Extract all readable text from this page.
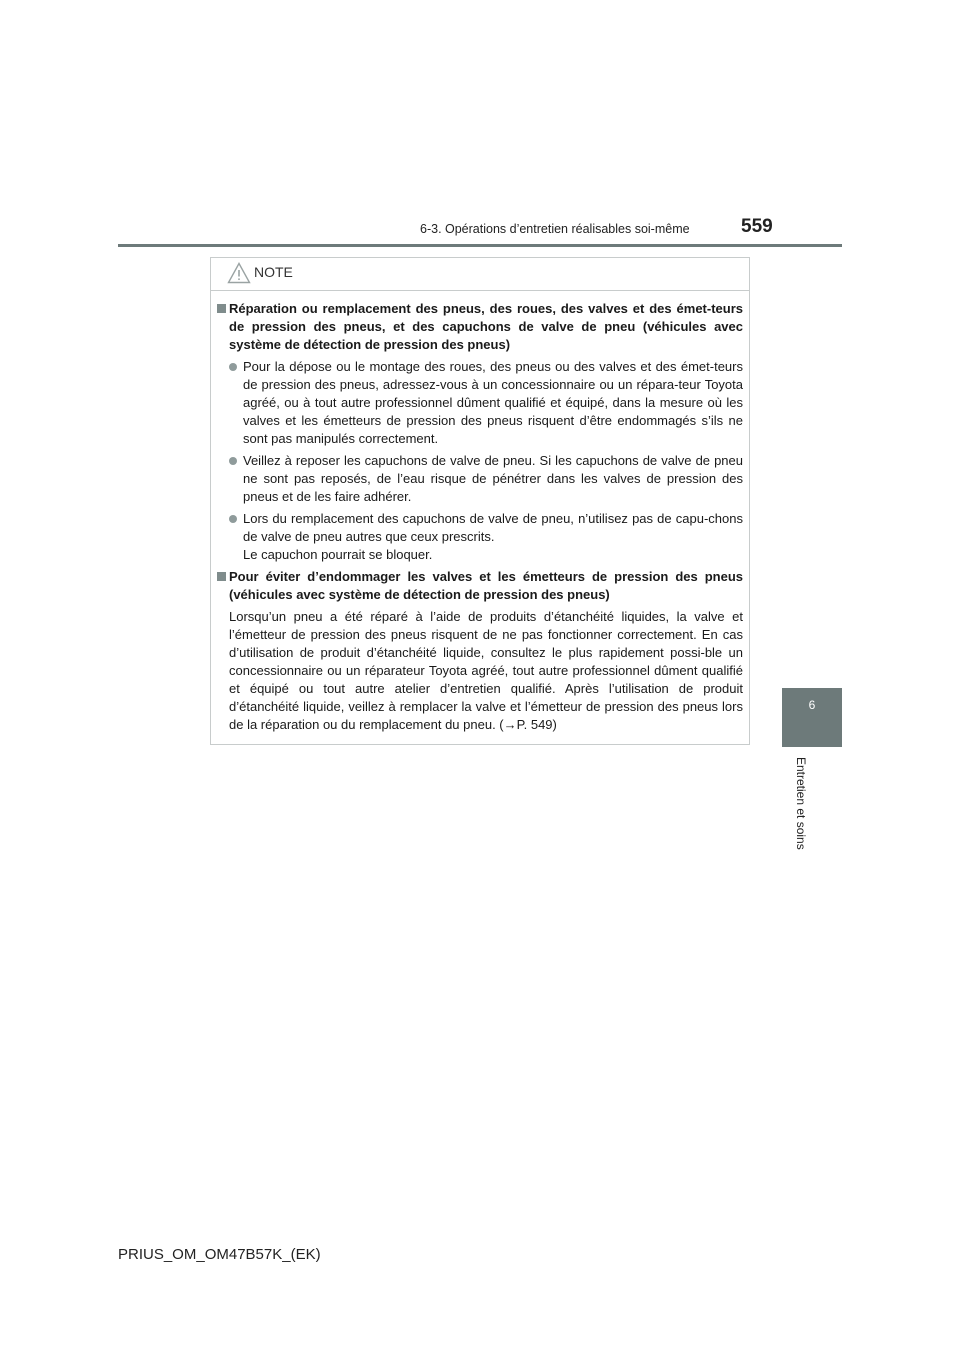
6-3. Opérations d’entretien réalisables soi-même	559
6
Entretien et soins
NOTE
Réparation ou remplacement des pneus, des roues, des valves et des émet-teurs de pression des pneus, et des capuchons de valve de pneu (véhicules avec système de détection de pression des pneus)
Pour la dépose ou le montage des roues, des pneus ou des valves et des émet-teurs de pression des pneus, adressez-vous à un concessionnaire ou un répara-teur Toyota agréé, ou à tout autre professionnel dûment qualifié et équipé, dans la mesure où les valves et les émetteurs de pression des pneus risquent d’être endommagés s’ils ne sont pas manipulés correctement.
Veillez à reposer les capuchons de valve de pneu. Si les capuchons de valve de pneu ne sont pas reposés, de l’eau risque de pénétrer dans les valves de pression des pneus et de les faire adhérer.
Lors du remplacement des capuchons de valve de pneu, n’utilisez pas de capu-chons de valve de pneu autres que ceux prescrits.
Le capuchon pourrait se bloquer.
Pour éviter d’endommager les valves et les émetteurs de pression des pneus (véhicules avec système de détection de pression des pneus)
Lorsqu’un pneu a été réparé à l’aide de produits d’étanchéité liquides, la valve et l’émetteur de pression des pneus risquent de ne pas fonctionner correctement. En cas d’utilisation de produit d’étanchéité liquide, consultez le plus rapidement possi-ble un concessionnaire ou un réparateur Toyota agréé, tout autre professionnel dûment qualifié et équipé ou tout autre atelier d’entretien qualifié. Après l’utilisation de produit d’étanchéité liquide, veillez à remplacer la valve et l’émetteur de pression des pneus lors de la réparation ou du remplacement du pneu. (→P. 549)
PRIUS_OM_OM47B57K_(EK)
